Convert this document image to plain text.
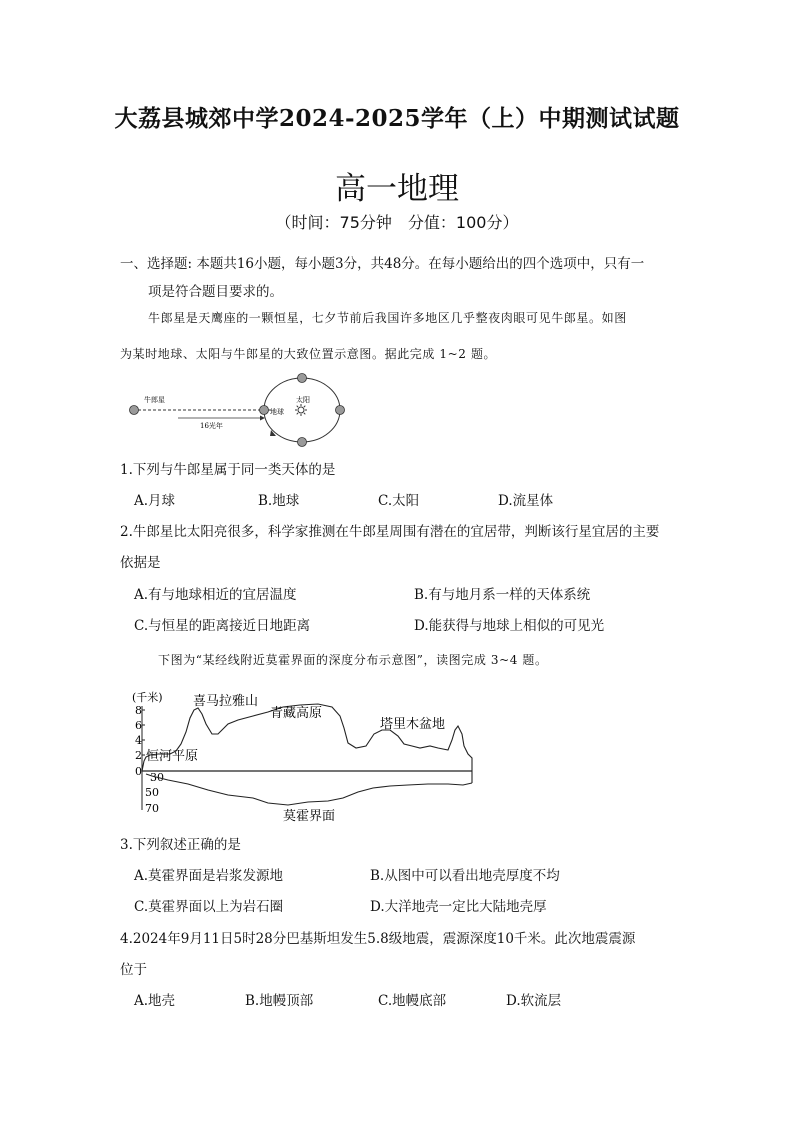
大荔县城郊中学2024-2025学年（上）中期测试试题
高一地理
（时间：75分钟　分值：100分）
一、选择题: 本题共16小题，每小题3分，共48分。在每小题给出的四个选项中，只有一
项是符合题目要求的。
牛郎星是天鹰座的一颗恒星，七夕节前后我国许多地区几乎整夜肉眼可见牛郎星。如图
为某时地球、太阳与牛郎星的大致位置示意图。据此完成 1~2 题。
牛郎星
16光年
地球
太阳
1.下列与牛郎星属于同一类天体的是
A.月球	B.地球	C.太阳	D.流星体
2.牛郎星比太阳亮很多，科学家推测在牛郎星周围有潜在的宜居带，判断该行星宜居的主要
依据是
A.有与地球相近的宜居温度	B.有与地月系一样的天体系统
C.与恒星的距离接近日地距离	D.能获得与地球上相似的可见光
下图为“某经线附近莫霍界面的深度分布示意图”，读图完成 3~4 题。
(千米)
8
6
4
2
0 30
50
70
喜马拉雅山
青藏高原
塔里木盆地
恒河平原
莫霍界面
3.下列叙述正确的是
A.莫霍界面是岩浆发源地	B.从图中可以看出地壳厚度不均
C.莫霍界面以上为岩石圈	D.大洋地壳一定比大陆地壳厚
4.2024年9月11日5时28分巴基斯坦发生5.8级地震，震源深度10千米。此次地震震源
位于
A.地壳	B.地幔顶部	C.地幔底部	D.软流层
